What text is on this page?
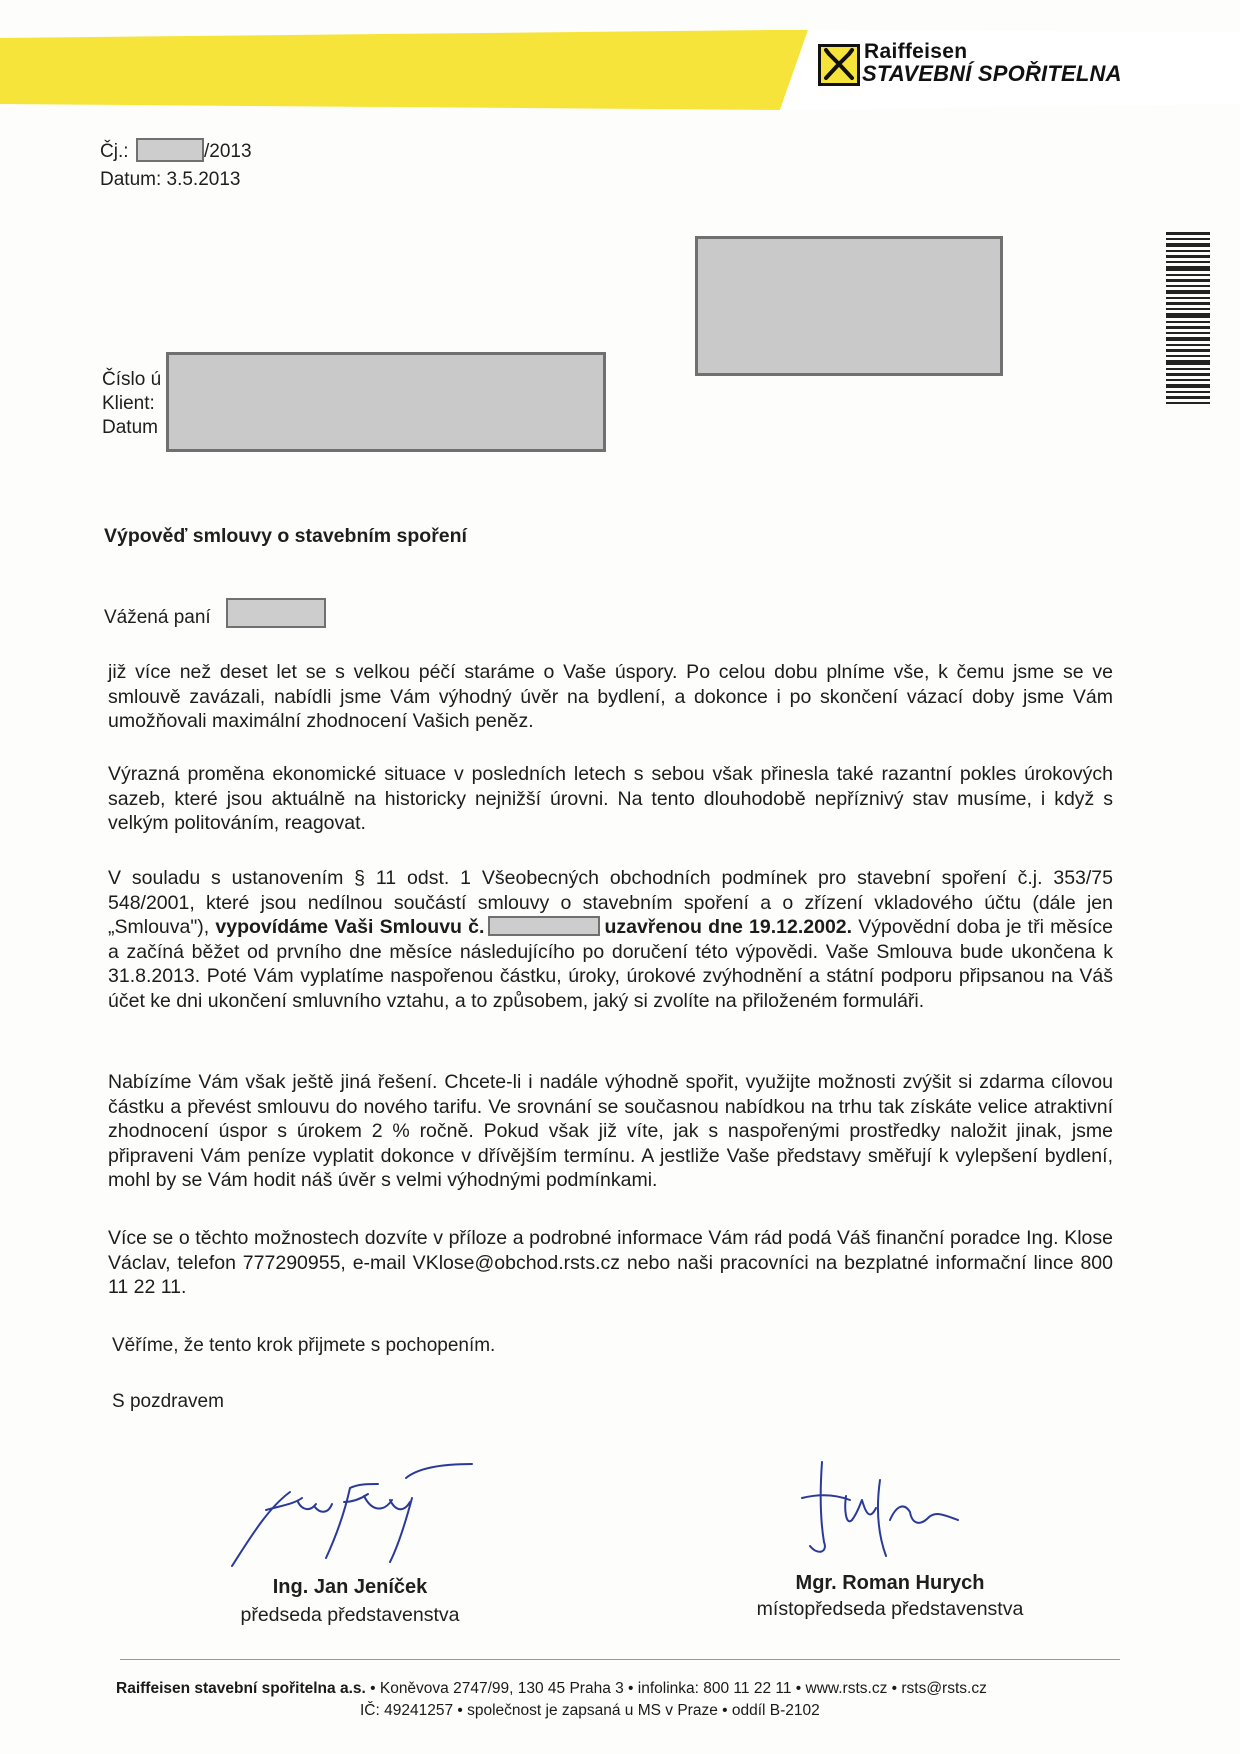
Raiffeisen
STAVEBNÍ SPOŘITELNA
Čj.:	/2013
Datum: 3.5.2013
Číslo ú
Klient:
Datum
Výpověď smlouvy o stavebním spoření
Vážená paní

již více než deset let se s velkou péčí staráme o Vaše úspory. Po celou dobu plníme vše, k čemu jsme se ve smlouvě zavázali, nabídli jsme Vám výhodný úvěr na bydlení, a dokonce i po skončení vázací doby jsme Vám umožňovali maximální zhodnocení Vašich peněz.

Výrazná proměna ekonomické situace v posledních letech s sebou však přinesla také razantní pokles úrokových sazeb, které jsou aktuálně na historicky nejnižší úrovni. Na tento dlouhodobě nepříznivý stav musíme, i když s velkým politováním, reagovat.

V souladu s ustanovením § 11 odst. 1 Všeobecných obchodních podmínek pro stavební spoření č.j. 353/75 548/2001, které jsou nedílnou součástí smlouvy o stavebním spoření a o zřízení vkladového účtu (dále jen „Smlouva"), vypovídáme Vaši Smlouvu č.	uzavřenou dne 19.12.2002. Výpovědní doba je tři měsíce a začíná běžet od prvního dne měsíce následujícího po doručení této výpovědi. Vaše Smlouva bude ukončena k 31.8.2013. Poté Vám vyplatíme naspořenou částku, úroky, úrokové zvýhodnění a státní podporu připsanou na Váš účet ke dni ukončení smluvního vztahu, a to způsobem, jaký si zvolíte na přiloženém formuláři.

Nabízíme Vám však ještě jiná řešení. Chcete-li i nadále výhodně spořit, využijte možnosti zvýšit si zdarma cílovou částku a převést smlouvu do nového tarifu. Ve srovnání se současnou nabídkou na trhu tak získáte velice atraktivní zhodnocení úspor s úrokem 2 % ročně. Pokud však již víte, jak s naspořenými prostředky naložit jinak, jsme připraveni Vám peníze vyplatit dokonce v dřívějším termínu. A jestliže Vaše představy směřují k vylepšení bydlení, mohl by se Vám hodit náš úvěr s velmi výhodnými podmínkami.

Více se o těchto možnostech dozvíte v příloze a podrobné informace Vám rád podá Váš finanční poradce Ing. Klose Václav, telefon 777290955, e-mail VKlose@obchod.rsts.cz nebo naši pracovníci na bezplatné informační lince 800 11 22 11.

Věříme, že tento krok přijmete s pochopením.
S pozdravem
Ing. Jan Jeníček
předseda představenstva
Mgr. Roman Hurych
místopředseda představenstva
Raiffeisen stavební spořitelna a.s. • Koněvova 2747/99, 130 45 Praha 3 • infolinka: 800 11 22 11 • www.rsts.cz • rsts@rsts.cz
IČ: 49241257 • společnost je zapsaná u MS v Praze • oddíl B-2102
